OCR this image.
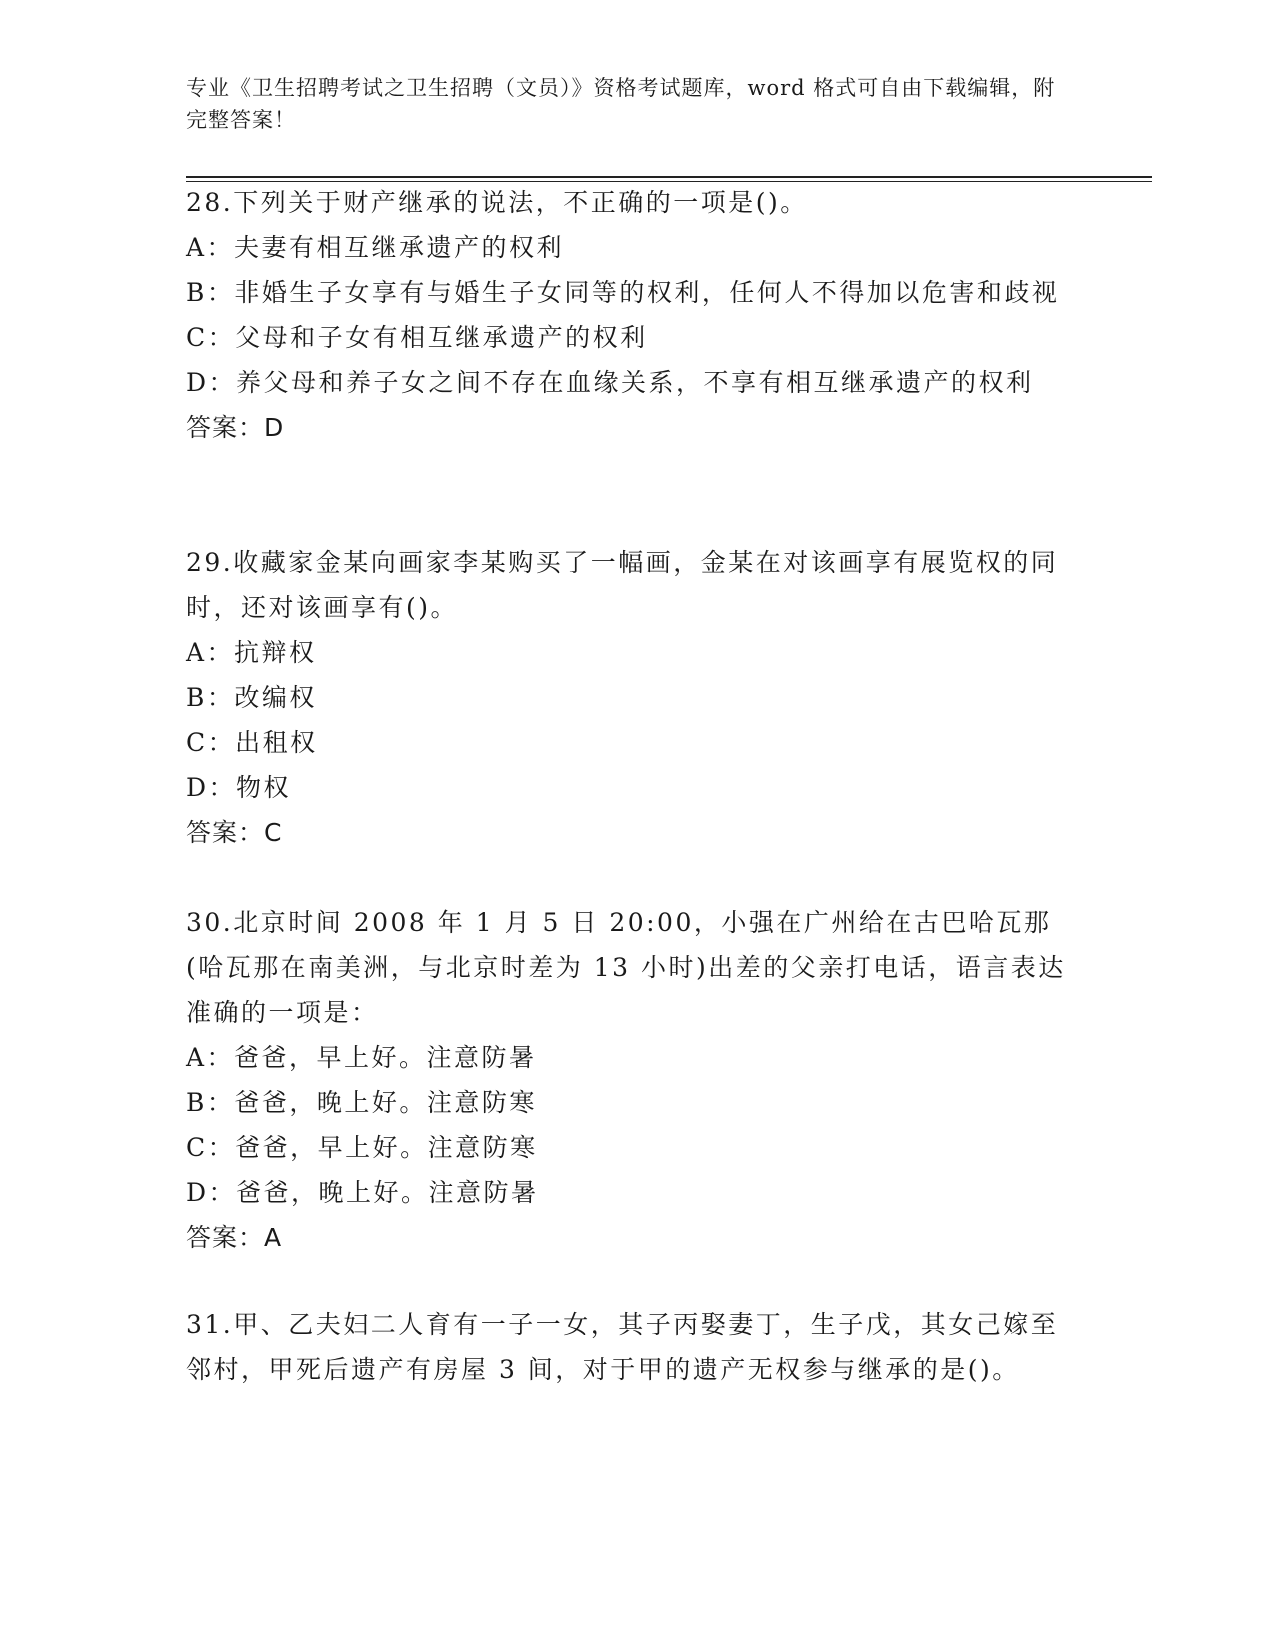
专业《卫生招聘考试之卫生招聘（文员）》资格考试题库，word 格式可自由下载编辑，附完整答案！

28.下列关于财产继承的说法，不正确的一项是()。

A：夫妻有相互继承遗产的权利

B：非婚生子女享有与婚生子女同等的权利，任何人不得加以危害和歧视

C：父母和子女有相互继承遗产的权利

D：养父母和养子女之间不存在血缘关系，不享有相互继承遗产的权利

答案：D

29.收藏家金某向画家李某购买了一幅画，金某在对该画享有展览权的同时，还对该画享有()。

A：抗辩权

B：改编权

C：出租权

D：物权

答案：C

30.北京时间 2008 年 1 月 5 日 20:00，小强在广州给在古巴哈瓦那(哈瓦那在南美洲，与北京时差为 13 小时)出差的父亲打电话，语言表达准确的一项是：

A：爸爸，早上好。注意防暑

B：爸爸，晚上好。注意防寒

C：爸爸，早上好。注意防寒

D：爸爸，晚上好。注意防暑

答案：A

31.甲、乙夫妇二人育有一子一女，其子丙娶妻丁，生子戊，其女己嫁至邻村，甲死后遗产有房屋 3 间，对于甲的遗产无权参与继承的是()。
